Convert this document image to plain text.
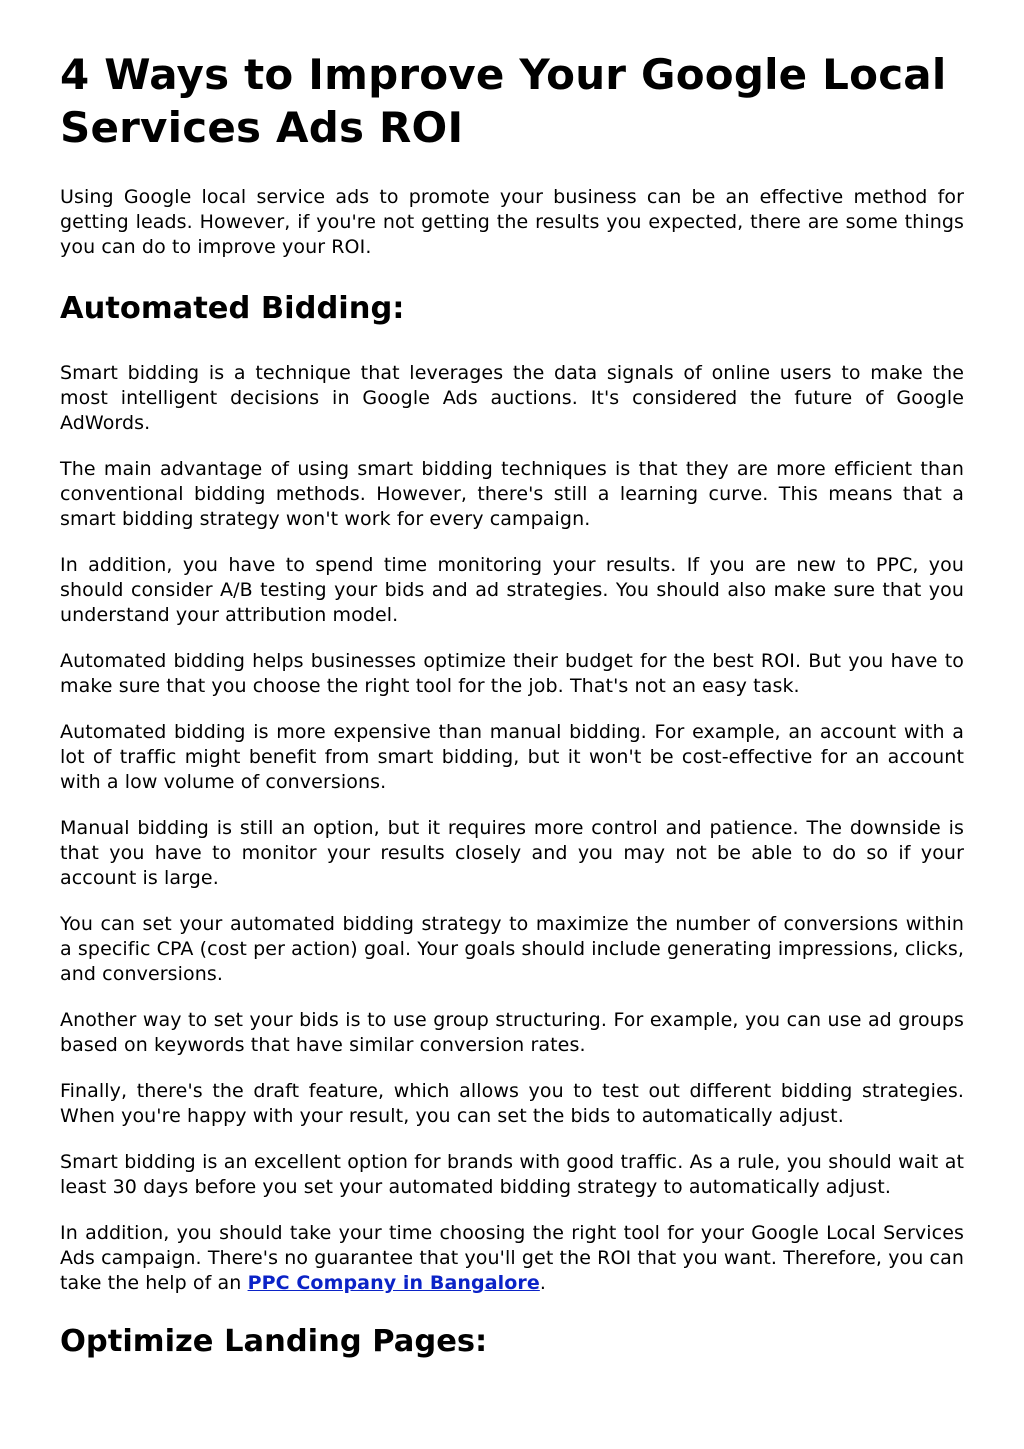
4 Ways to Improve Your Google Local Services Ads ROI

Using Google local service ads to promote your business can be an effective method for getting leads. However, if you're not getting the results you expected, there are some things you can do to improve your ROI.

Automated Bidding:

Smart bidding is a technique that leverages the data signals of online users to make the most intelligent decisions in Google Ads auctions. It's considered the future of Google AdWords.

The main advantage of using smart bidding techniques is that they are more efficient than conventional bidding methods. However, there's still a learning curve. This means that a smart bidding strategy won't work for every campaign.

In addition, you have to spend time monitoring your results. If you are new to PPC, you should consider A/B testing your bids and ad strategies. You should also make sure that you understand your attribution model.

Automated bidding helps businesses optimize their budget for the best ROI. But you have to make sure that you choose the right tool for the job. That's not an easy task.

Automated bidding is more expensive than manual bidding. For example, an account with a lot of traffic might benefit from smart bidding, but it won't be cost-effective for an account with a low volume of conversions.

Manual bidding is still an option, but it requires more control and patience. The downside is that you have to monitor your results closely and you may not be able to do so if your account is large.

You can set your automated bidding strategy to maximize the number of conversions within a specific CPA (cost per action) goal. Your goals should include generating impressions, clicks, and conversions.

Another way to set your bids is to use group structuring. For example, you can use ad groups based on keywords that have similar conversion rates.

Finally, there's the draft feature, which allows you to test out different bidding strategies. When you're happy with your result, you can set the bids to automatically adjust.

Smart bidding is an excellent option for brands with good traffic. As a rule, you should wait at least 30 days before you set your automated bidding strategy to automatically adjust.

In addition, you should take your time choosing the right tool for your Google Local Services Ads campaign. There's no guarantee that you'll get the ROI that you want. Therefore, you can take the help of an PPC Company in Bangalore.

Optimize Landing Pages:
